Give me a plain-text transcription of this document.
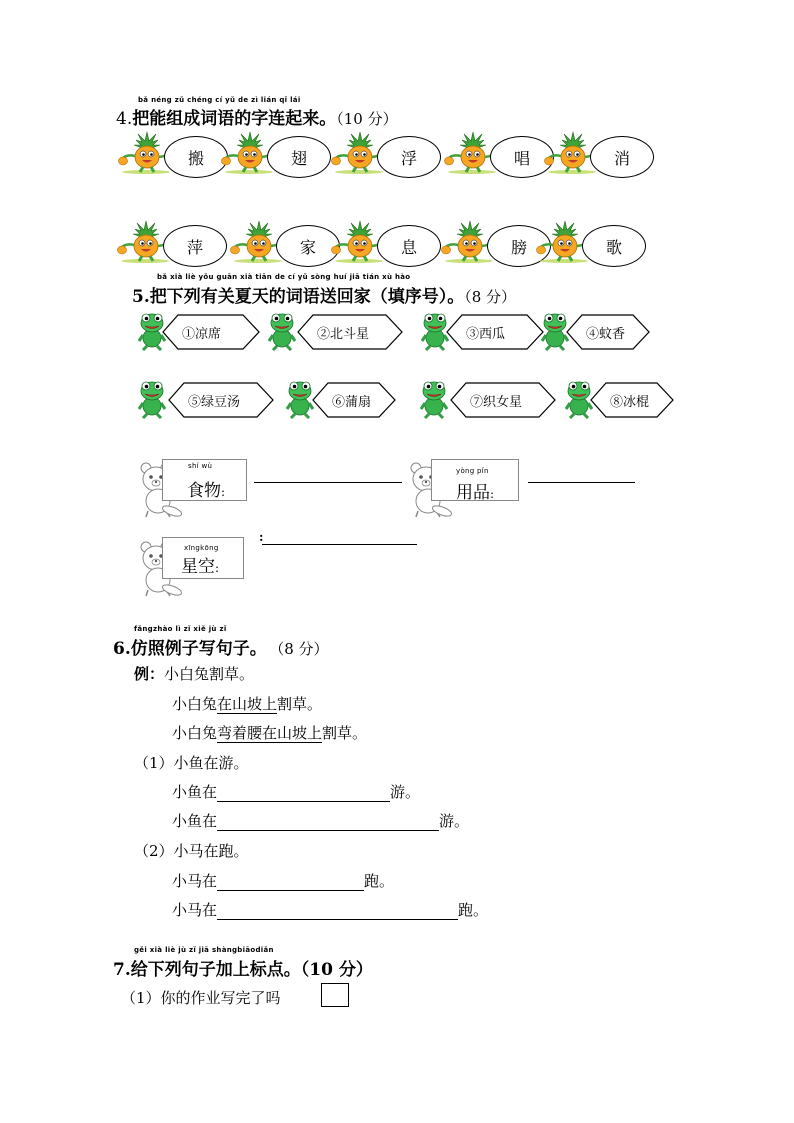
bǎ néng zǔ chéng cí yǔ de zì lián qǐ lái
4.把能组成词语的字连起来。（10 分）
搬	翅	浮	唱	消
萍	家	息	膀	歌
bǎ xià liè yǒu guān xià tiān de cí yǔ sòng huí jiā tián xù hào
5.把下列有关夏天的词语送回家（填序号）。（8 分）
①凉席	②北斗星	③西瓜	④蚊香
⑤绿豆汤	⑥蒲扇	⑦织女星	⑧冰棍
shí wù
食物:
yòng pǐn
用品:
xīngkōng
星空:
:
fǎngzhào lì zǐ xiě jù zǐ
6.仿照例子写句子。 （8 分）
例：小白兔割草。
小白兔在山坡上割草。
小白兔弯着腰在山坡上割草。
（1）小鱼在游。
小鱼在	游。
小鱼在	游。
（2）小马在跑。
小马在	跑。
小马在	跑。
gěi xià liè jù zǐ jiā shàngbiāodiǎn
7.给下列句子加上标点。（10 分）
（1）你的作业写完了吗
